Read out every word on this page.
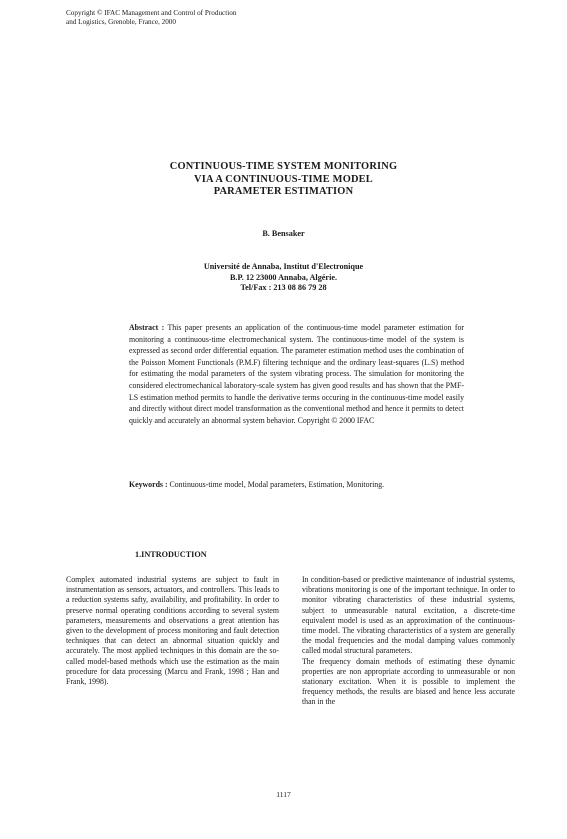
Copyright © IFAC Management and Control of Production
and Logistics, Grenoble, France, 2000
CONTINUOUS-TIME SYSTEM MONITORING
VIA A CONTINUOUS-TIME MODEL
PARAMETER ESTIMATION
B. Bensaker
Université de Annaba, Institut d'Electronique
B.P. 12 23000 Annaba, Algérie.
Tel/Fax : 213 08 86 79 28
Abstract : This paper presents an application of the continuous-time model parameter estimation for monitoring a continuous-time electromechanical system. The continuous-time model of the system is expressed as second order differential equation. The parameter estimation method uses the combination of the Poisson Moment Functionals (P.M.F) filtering technique and the ordinary least-squares (L.S) method for estimating the modal parameters of the system vibrating process. The simulation for monitoring the considered electromechanical laboratory-scale system has given good results and has shown that the PMF-LS estimation method permits to handle the derivative terms occuring in the continuous-time model easily and directly without direct model transformation as the conventional method and hence it permits to detect quickly and accurately an abnormal system behavior. Copyright © 2000 IFAC
Keywords : Continuous-time model, Modal parameters, Estimation, Monitoring.
1.INTRODUCTION

Complex automated industrial systems are subject to fault in instrumentation as sensors, actuators, and controllers. This leads to a reduction systems safty, availability, and profitability. In order to preserve normal operating conditions according to several system parameters, measurements and observations a great attention has given to the development of process monitoring and fault detection techniques that can detect an abnormal situation quickly and accurately. The most applied techniques in this domain are the so-called model-based methods which use the estimation as the main procedure for data processing (Marcu and Frank, 1998 ; Han and Frank, 1998).

In condition-based or predictive maintenance of industrial systems, vibrations monitoring is one of the important technique. In order to monitor vibrating characteristics of these industrial systems, subject to unmeasurable natural excitation, a discrete-time equivalent model is used as an approximation of the continuous-time model. The vibrating characteristics of a system are generally the modal frequencies and the modal damping values commonly called modal structural parameters.

The frequency domain methods of estimating these dynamic properties are non appropriate according to unmeasurable or non stationary excitation. When it is possible to implement the frequency methods, the results are biased and hence less accurate than in the

1117
